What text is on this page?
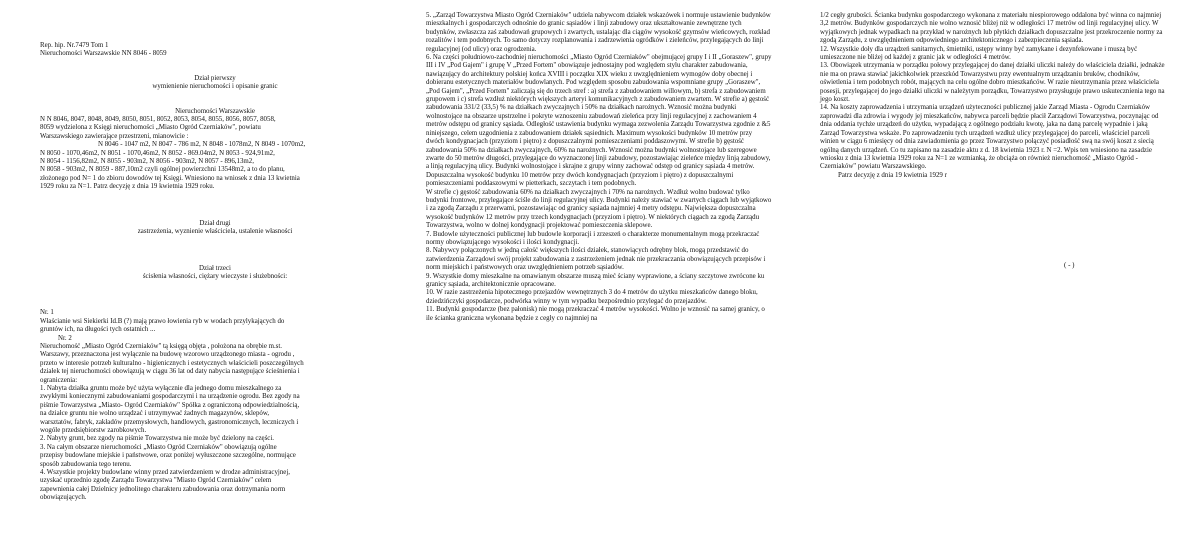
Rep. hip. Nr.7479 Tom 1

Nieruchomości Warszawskie NN 8046 - 8059

Dział pierwszy

wymienienie nieruchomości i opisanie granic

Nieruchomości Warszawskie

N N 8046, 8047, 8048, 8049, 8050, 8051, 8052, 8053, 8054, 8055, 8056, 8057, 8058,

8059 wydzielona z Księgi nieruchomości „Miasto Ogród Czerniaków", powiatu

Warszawskiego zawierające przestrzeni, mianowicie :

N 8046 - 1047 m2, N 8047 - 786 m2, N 8048 - 1078m2, N 8049 - 1070m2,

N 8050 - 1070,46m2, N 8051 - 1070,46m2, N 8052 - 869.04m2, N 8053 - 924,91m2,

N 8054 - 1156,82m2, N 8055 - 903m2, N 8056 - 903m2, N 8057 - 896,13m2,

N 8058 - 903m2, N 8059 - 887,10m2 czyli ogólnej powierzchni 13548m2, a to do planu,

złożonego pod N= 1 do zbioru dowodów tej Księgi. Wniesiono na wniosek z dnia 13 kwietnia

1929 roku za N=1. Patrz decyzję z dnia 19 kwietnia 1929 roku.

Dział drugi

zastrzeżenia, wyznienie właściciela, ustalenie własności

Dział trzeci

ścisłenia własności, ciężary wieczyste i służebności:

Nr. 1

Właścianie wsi Siekierki Id.B (?) mają prawo łowienia ryb w wodach przylykających do

gruntów ich, na długości tych ostatnich ...

Nr. 2

Nieruchomość „Miasto Ogród Czerniaków" tą księgą objęta , położona na obrębie m.st.

Warszawy, przeznaczona jest wyłącznie na budowę wzorowo urządzonego miasta - ogrodu ,

przeto w interesie potrzeb kulturalno - higienicznych i estetycznych właścicieli poszczególnych

działek tej nieruchomości obowiązują w ciągu 36 lat od daty nabycia następujące ścieśnienia i

ograniczenia:

1. Nabyta działka gruntu może być użyta wyłącznie dla jednego domu mieszkalnego za

zwykłymi koniecznymi zabudowaniami gospodarczymi i na urządzenie ogrodu. Bez zgody na

piśmie Towarzystwa „Miasto- Ogród Czerniaków" Spółka z ograniczoną odpowiedzialnością,

na działce gruntu nie wolno urządzać i utrzymywać żadnych magazynów, sklepów,

warsztatów, fabryk, zakładów przemysłowych, handlowych, gastronomicznych, leczniczych i

wogóle przedsiębiorstw zarobkowych.

2. Nabyty grunt, bez zgody na piśmie Towarzystwa nie może być dzielony na części.

3. Na całym obszarze nieruchomości „Miasto Ogród Czerniaków" obowiązują ogólne

przepisy budowlane miejskie i państwowe, oraz poniżej wyłuszczone szczególne, normujące

sposób zabudowania tego terenu.

4. Wszystkie projekty budowlane winny przed zatwierdzeniem w drodze administracyjnej,

uzyskać uprzednio zgodę Zarządu Towarzystwa "Miasto Ogród Czerniaków" celem

zapewnienia całej Dzielnicy jednolitego charakteru zabudowania oraz dotrzymania norm

obowiązujących.

5. „Zarząd Towarzystwa Miasto Ogród Czerniaków" udziela nabywcom działek wskazówek i normuje ustawienie budynków mieszkalnych i gospodarczych odnośnie do granic sąsiadów i linji zabudowy oraz ukształtowanie zewnętrzne tych budynków, zwłaszcza zaś zabudowań grupowych i zwartych, ustalając dla ciągów wysokość gzymsów wieńcowych, rozkład rozalitów i tem podobnych. To samo dotyczy rozplanowania i zadrzewienia ogródków i zieleńców, przylegających do linji regulacyjnej (od ulicy) oraz ogrodzenia.

6. Na części południowo-zachodniej nieruchomości „Miasto Ogród Czerniaków" obejmującej grupy I i II „Goraszew", grupy III i IV „Pod Gajem" i grupę V „Przed Fortem" obowiązuje jednostajny pod względem stylu charakter zabudowania, nawiązujący do architektury polskiej końca XVIII i początku XIX wieku z uwzględnieniem wymogów doby obecnej i dobieranu estetycznych materiałów budowlanych. Pod względem sposobu zabudowania wspomniane grupy „Goraszew", „Pod Gajem", „Przed Fortem" zaliczają się do trzech stref : a) strefa z zabudowaniem willowym, b) strefa z zabudowaniem grupowem i c) strefa wzdłuż niektórych większych arteryi komunikacyjnych z zabudowaniem zwartem. W strefie a) gęstość zabudowania 331/2 (33,5) % na działkach zwyczajnych i 50% na działkach narożnych. Wznosić można budynki wolnostojące na obszarze upstrzelne i pokryte wznoszeniu zabudowań zieleńca przy linji regulacyjnej z zachowaniem 4 metrów odstępu od granicy sąsiada. Odległość ustawienia budynku wymaga zezwolenia Zarządu Towarzystwa zgodnie z &5 niniejszego, celem uzgodnienia z zabudowaniem działek sąsiednich. Maximum wysokości budynków 10 metrów przy dwóch kondygnacjach (przyziom i piętro) z dopuszczalnymi pomieszczeniami poddaszowymi. W strefie b) gęstość zabudowania 50% na działkach zwyczajnych, 60% na narożnych. Wznosić można budynki wolnostojące lub szeregowe zwarte do 50 metrów długości, przylegające do wyznaczonej linji zabudowy, pozostawiając zieleńce między linją zabudowy, a linją regulacyjną ulicy. Budynki wolnostojące i skrajne z grupy winny zachować odstęp od granicy sąsiada 4 metrów. Dopuszczalna wysokość budynku 10 metrów przy dwóch kondygnacjach (przyziom i piętro) z dopuszczalnymi pomieszczeniami poddaszowymi w pietterkach, szczytach i tem podobnych.

W strefie c) gęstość zabudowania 60% na działkach zwyczajnych i 70% na narożnych. Wzdłuż wolno budować tylko budynki frontowe, przylegające ściśle do linji regulacyjnej ulicy. Budynki należy stawiać w zwartych ciągach lub wyjątkowo i za zgodą Zarządu z przerwami, pozostawiając od granicy sąsiada najmniej 4 metry odstępu. Największa dopuszczalna wysokość budynków 12 metrów przy trzech kondygnacjach (przyziom i piętro). W niektórych ciągach za zgodą Zarządu Towarzystwa, wolno w dolnej kondygnacji projektować pomieszczenia sklepowe.

7. Budowle użyteczności publicznej lub budowle korporacji i zrzeszeń o charakterze monumentalnym mogą przekraczać normy obowiązującego wysokości i ilości kondygnacji.

8. Nabywcy połączonych w jedną całość większych ilości działek, stanowiących odrębny blok, mogą przedstawić do zatwierdzenia Zarządowi swój projekt zabudowania z zastrzeżeniem jednak nie przekraczania obowiązujących przepisów i norm miejskich i państwowych oraz uwzględnieniem potrzeb sąsiadów.

9. Wszystkie domy mieszkalne na omawianym obszarze muszą mieć ściany wyprawione, a ściany szczytowe zwrócone ku granicy sąsiada, architektonicznie opracowane.

10. W razie zastrzeżenia hipotecznego przejazdów wewnętrznych 3 do 4 metrów do użytku mieszkańców danego bloku, dziedzińczyki gospodarcze, podwórka winny w tym wypadku bezpośrednio przylegać do przejazdów.

11. Budynki gospodarcze (bez pałonisk) nie mogą przekraczać 4 metrów wysokości. Wolno je wznosić na samej granicy, o ile ścianka graniczna wykonana będzie z cegły co najmniej na

1/2 cegły grubości. Ścianka budynku gospodarczego wykonana z materiału niespiorowego oddalona być winna co najmniej 3,2 metrów. Budynków gospodarczych nie wolno wznosić bliżej niż w odległości 17 metrów od linji regulacyjnej ulicy. W wyjątkowych jednak wypadkach na przykład w narożnych lub płytkich działkach dopuszczalne jest przekroczenie normy za zgodą Zarządu, z uwzględnieniem odpowiedniego architektonicznego i zabezpieczenia sąsiada.

12. Wszystkie doły dla urządzeń sanitarnych, śmietniki, ustępy winny być zamykane i dezynfekowane i muszą być umieszczone nie bliżej od każdej z granic jak w odległości 4 metrów.

13. Obowiązek utrzymania w porządku połowy przylegającej do danej działki uliczki należy do właściciela działki, jednakże nie ma on prawa stawiać jakichkolwiek przeszkód Towarzystwu przy ewentualnym urządzaniu bruków, chodników, oświetlenia i tem podobnych robót, mających na celu ogólne dobro mieszkańców. W razie nieutrzymania przez właściciela posesji, przylegającej do jego działki uliczki w należytym porządku, Towarzystwo przysługuje prawo uskutecznienia tego na jego koszt.

14. Na koszty zaprowadzenia i utrzymania urządzeń użyteczności publicznej jakie Zarząd Miasta - Ogrodu Czerniaków zaprowadzi dla zdrowia i wygody jej mieszkańców, nabywca parceli będzie płacił Zarządowi Towarzystwa, poczynając od dnia oddania tychże urządzeń do użytku, wypadającą z ogólnego podziału kwotę, jaka na daną parcelę wypadnie i jaką Zarząd Towarzystwa wskaże. Po zaprowadzeniu tych urządzeń wzdłuż ulicy przylegającej do parceli, właściciel parceli winien w ciągu 6 miesięcy od dnia zawiadomienia go przez Towarzystwo połączyć posiadłość swą na swój koszt z siecią ogólną danych urządzeń. Co tu zapisano na zasadzie aktu z d. 18 kwietnia 1923 r. N =2. Wpis ten wniesiono na zasadzie wniosku z dnia 13 kwietnia 1929 roku za N=1 ze wzmianką, że obciąża on również nieruchomość „Miasto Ogród - Czerniaków" powiatu Warszawskiego.

Patrz decyzję z dnia 19 kwietnia 1929 r

( - )
